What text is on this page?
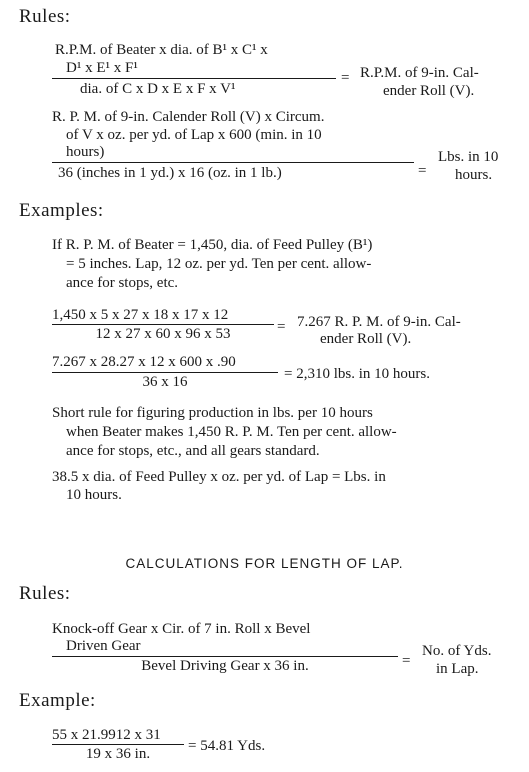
Rules:
R.P.M. of Beater x dia. of B¹ x C¹ x
D¹ x E¹ x F¹
dia. of C x D x E x F x V¹
= R.P.M. of 9-in. Cal-
ender Roll (V).
R. P. M. of 9-in. Calender Roll (V) x Circum.
of V x oz. per yd. of Lap x 600 (min. in 10
hours)
36 (inches in 1 yd.) x 16 (oz. in 1 lb.)	=
Lbs. in 10
hours.
Examples:
If R. P. M. of Beater = 1,450, dia. of Feed Pulley (B¹)
= 5 inches. Lap, 12 oz. per yd. Ten per cent. allow-
ance for stops, etc.
1,450 x 5 x 27 x 18 x 17 x 12
12 x 27 x 60 x 96 x 53	= 7.267 R. P. M. of 9-in. Cal-
ender Roll (V).
7.267 x 28.27 x 12 x 600 x .90
36 x 16	= 2,310 lbs. in 10 hours.
Short rule for figuring production in lbs. per 10 hours
when Beater makes 1,450 R. P. M. Ten per cent. allow-
ance for stops, etc., and all gears standard.
38.5 x dia. of Feed Pulley x oz. per yd. of Lap = Lbs. in
10 hours.
CALCULATIONS FOR LENGTH OF LAP.
Rules:
Knock-off Gear x Cir. of 7 in. Roll x Bevel
Driven Gear
Bevel Driving Gear x 36 in.	=
No. of Yds.
in Lap.
Example:
55 x 21.9912 x 31
19 x 36 in.	= 54.81 Yds.
